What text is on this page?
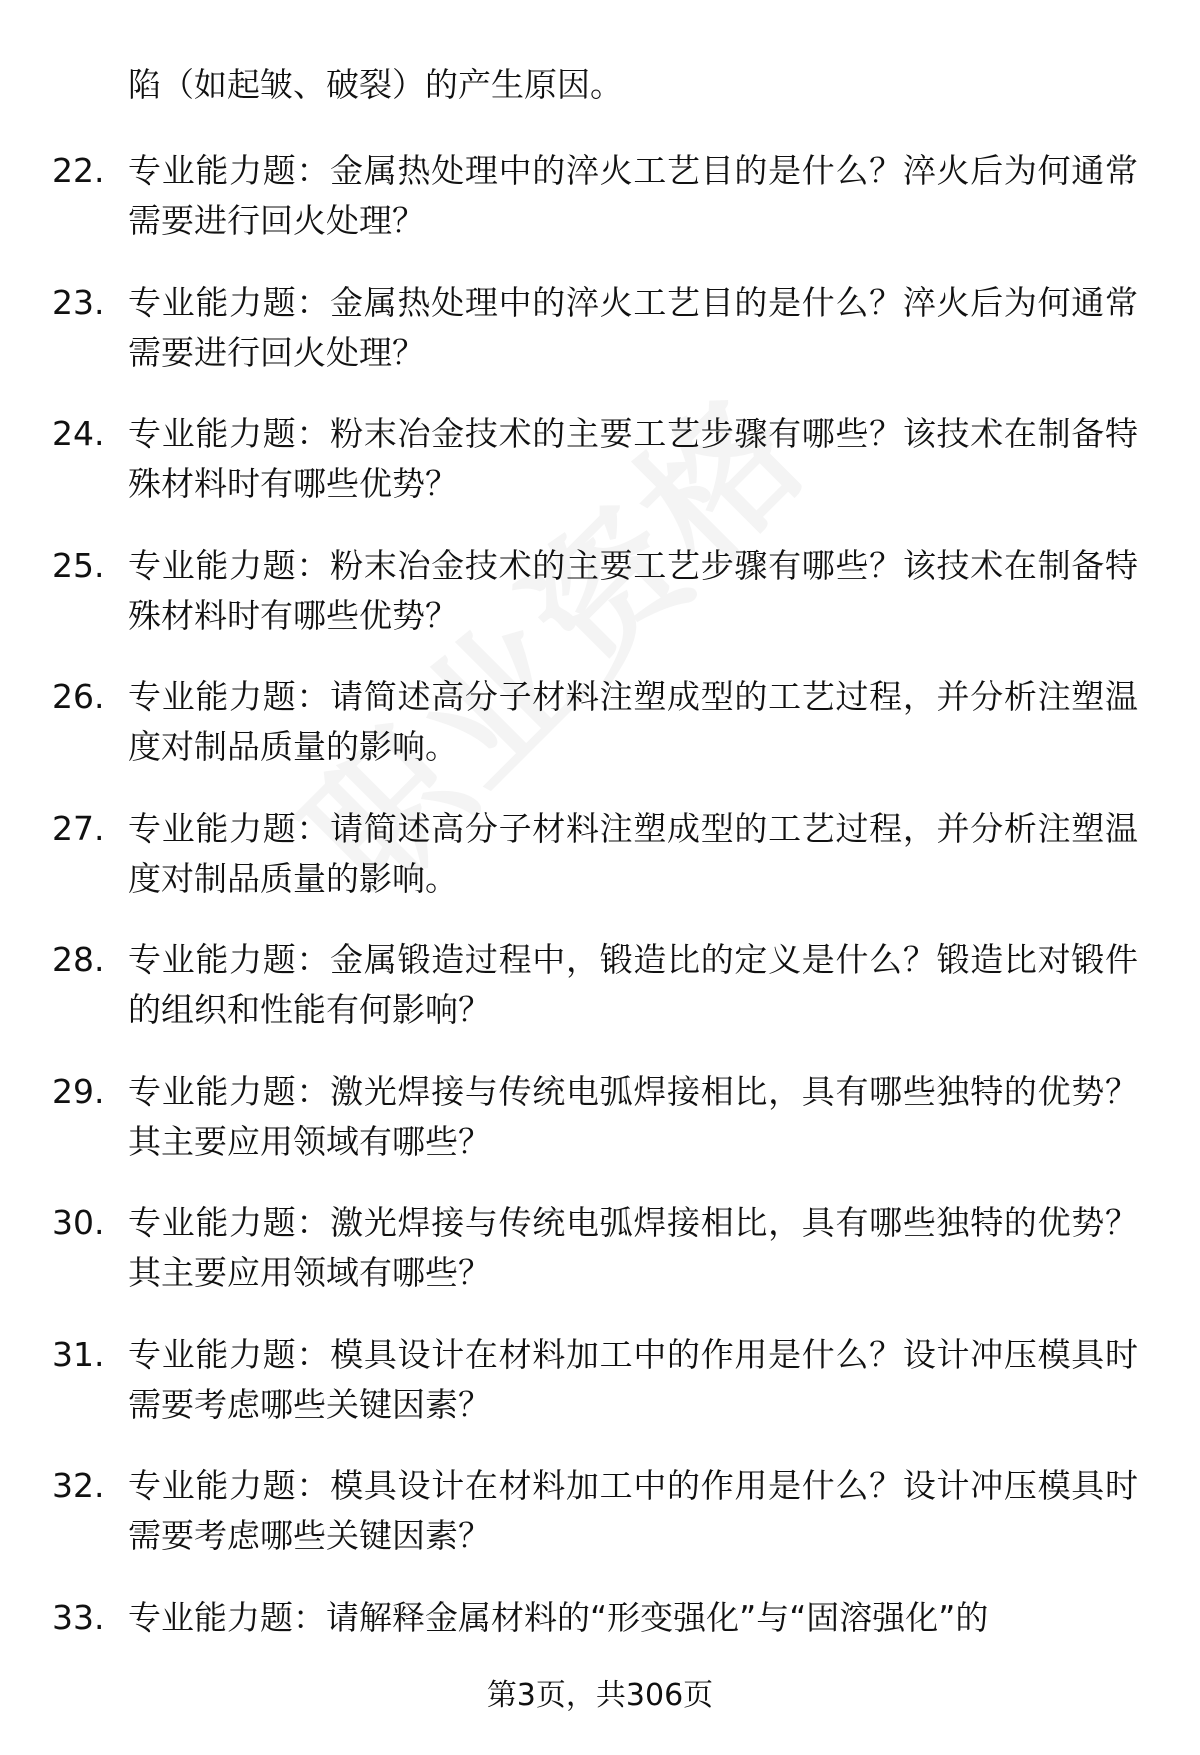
陷（如起皱、破裂）的产生原因。
22. 专业能力题：金属热处理中的淬火工艺目的是什么？淬火后为何通常需要进行回火处理？
23. 专业能力题：金属热处理中的淬火工艺目的是什么？淬火后为何通常需要进行回火处理？
24. 专业能力题：粉末冶金技术的主要工艺步骤有哪些？该技术在制备特殊材料时有哪些优势？
25. 专业能力题：粉末冶金技术的主要工艺步骤有哪些？该技术在制备特殊材料时有哪些优势？
26. 专业能力题：请简述高分子材料注塑成型的工艺过程，并分析注塑温度对制品质量的影响。
27. 专业能力题：请简述高分子材料注塑成型的工艺过程，并分析注塑温度对制品质量的影响。
28. 专业能力题：金属锻造过程中，锻造比的定义是什么？锻造比对锻件的组织和性能有何影响？
29. 专业能力题：激光焊接与传统电弧焊接相比，具有哪些独特的优势？其主要应用领域有哪些？
30. 专业能力题：激光焊接与传统电弧焊接相比，具有哪些独特的优势？其主要应用领域有哪些？
31. 专业能力题：模具设计在材料加工中的作用是什么？设计冲压模具时需要考虑哪些关键因素？
32. 专业能力题：模具设计在材料加工中的作用是什么？设计冲压模具时需要考虑哪些关键因素？
33. 专业能力题：请解释金属材料的“形变强化”与“固溶强化”的
第3页，共306页
